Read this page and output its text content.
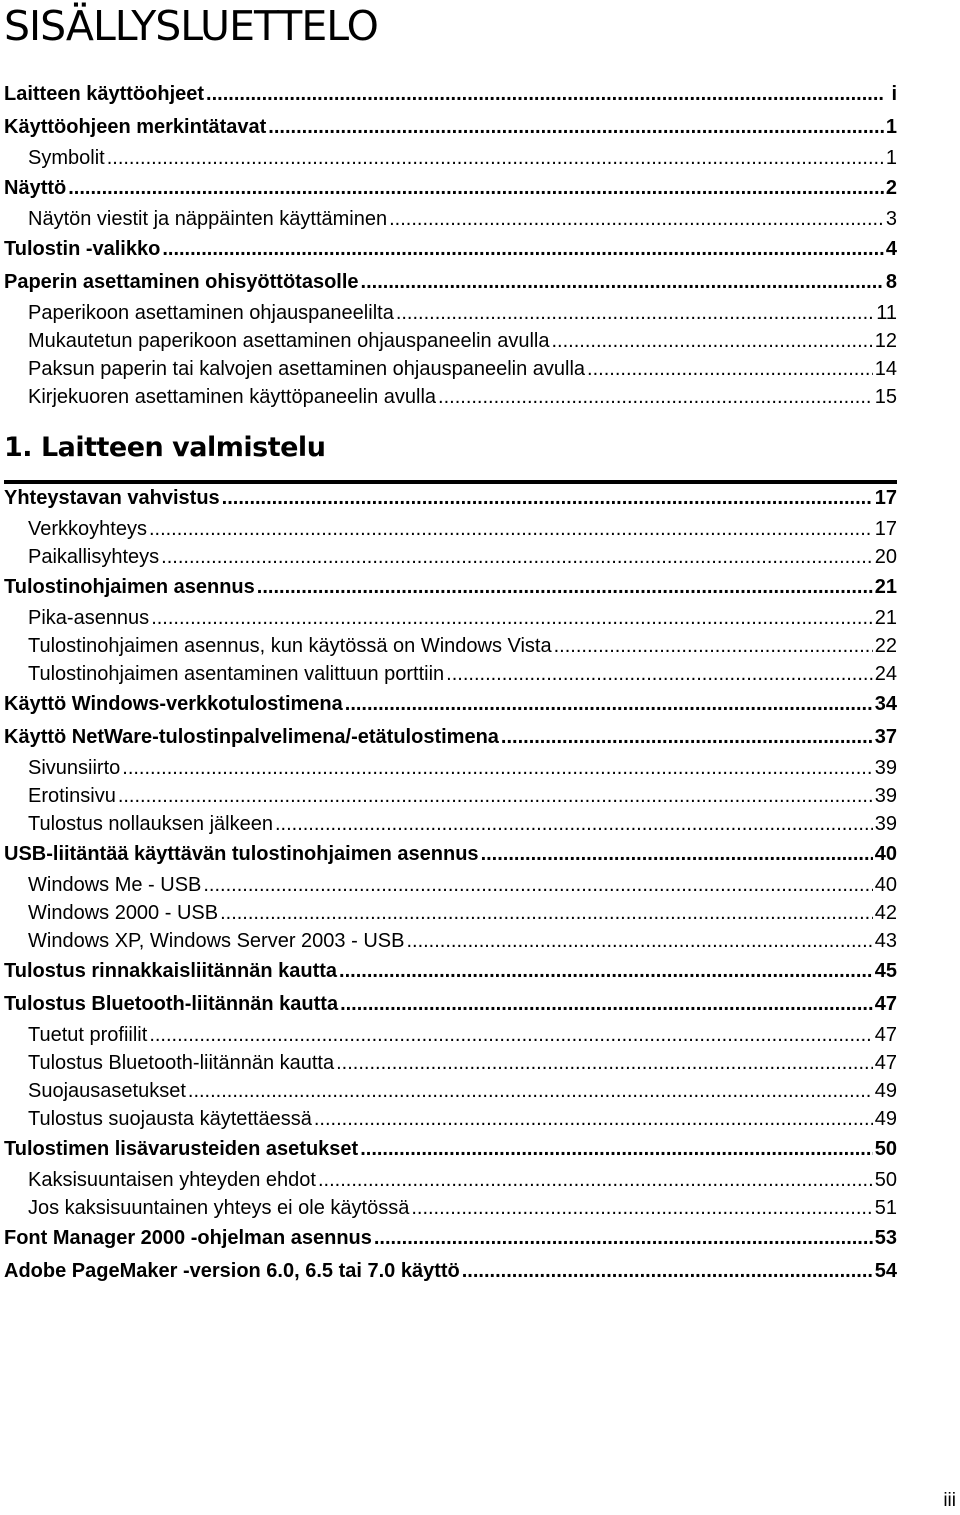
SISÄLLYSLUETTELO
Laitteen käyttöohjeet .....	i
Käyttöohjeen merkintätavat .....	1
Symbolit .....	1
Näyttö .....	2
Näytön viestit ja näppäinten käyttäminen .....	3
Tulostin -valikko .....	4
Paperin asettaminen ohisyöttötasolle .....	8
Paperikoon asettaminen ohjauspaneelilta .....	11
Mukautetun paperikoon asettaminen ohjauspaneelin avulla .....	12
Paksun paperin tai kalvojen asettaminen ohjauspaneelin avulla .....	14
Kirjekuoren asettaminen käyttöpaneelin avulla .....	15
1. Laitteen valmistelu
Yhteystavan vahvistus .....	17
Verkkoyhteys .....	17
Paikallisyhteys .....	20
Tulostinohjaimen asennus .....	21
Pika-asennus .....	21
Tulostinohjaimen asennus, kun käytössä on Windows Vista .....	22
Tulostinohjaimen asentaminen valittuun porttiin .....	24
Käyttö Windows-verkkotulostimena .....	34
Käyttö NetWare-tulostinpalvelimena/-etätulostimena .....	37
Sivunsiirto .....	39
Erotinsivu .....	39
Tulostus nollauksen jälkeen .....	39
USB-liitäntää käyttävän tulostinohjaimen asennus .....	40
Windows Me - USB .....	40
Windows 2000 - USB .....	42
Windows XP, Windows Server 2003 - USB .....	43
Tulostus rinnakkaisliitännän kautta .....	45
Tulostus Bluetooth-liitännän kautta .....	47
Tuetut profiilit .....	47
Tulostus Bluetooth-liitännän kautta .....	47
Suojausasetukset .....	49
Tulostus suojausta käytettäessä .....	49
Tulostimen lisävarusteiden asetukset .....	50
Kaksisuuntaisen yhteyden ehdot .....	50
Jos kaksisuuntainen yhteys ei ole käytössä .....	51
Font Manager 2000 -ohjelman asennus .....	53
Adobe PageMaker -version 6.0, 6.5 tai 7.0 käyttö .....	54
iii
